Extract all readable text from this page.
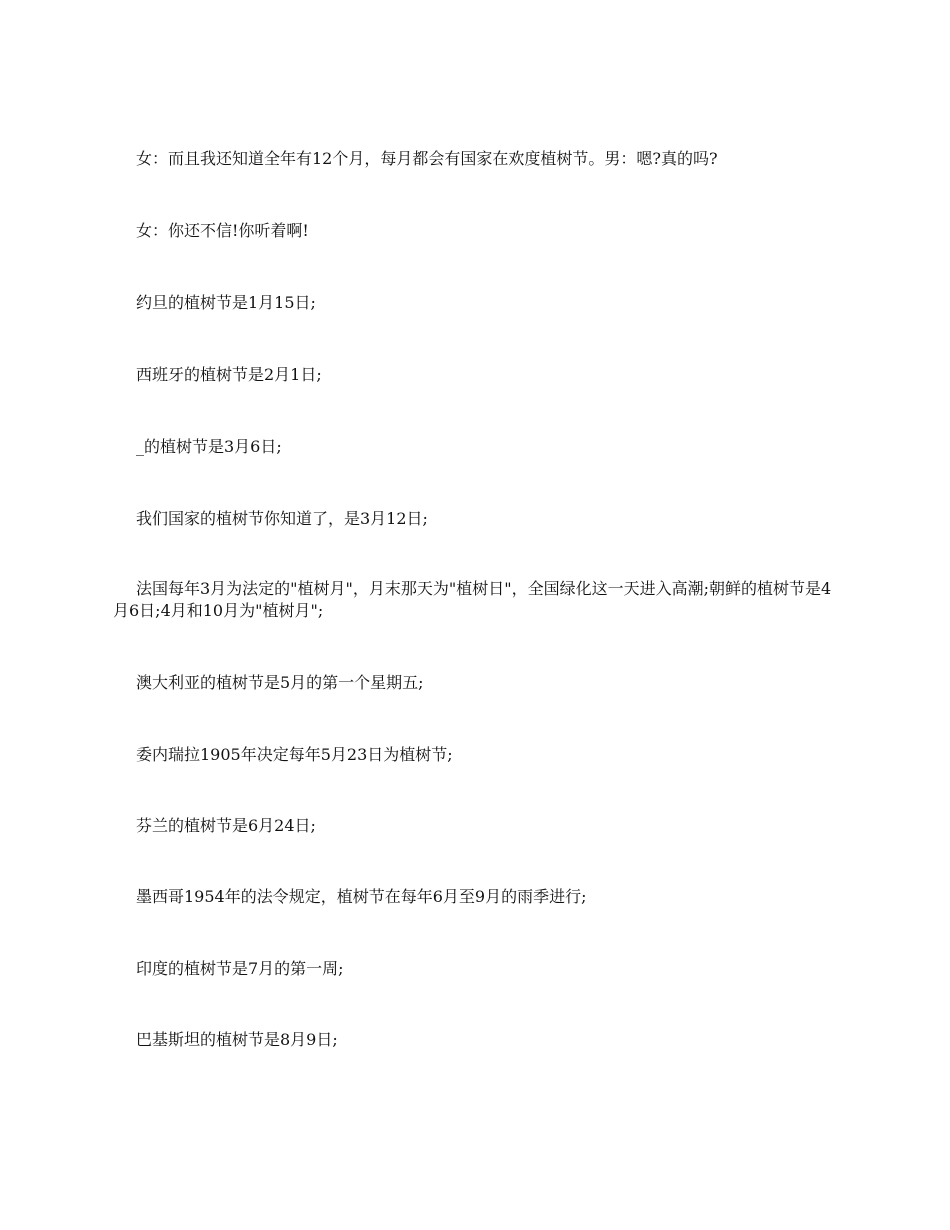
女：而且我还知道全年有12个月，每月都会有国家在欢度植树节。男：嗯?真的吗?

女：你还不信!你听着啊!

约旦的植树节是1月15日;

西班牙的植树节是2月1日;

_的植树节是3月6日;

我们国家的植树节你知道了，是3月12日;

法国每年3月为法定的"植树月"，月末那天为"植树日"，全国绿化这一天进入高潮;朝鲜的植树节是4月6日;4月和10月为"植树月";

澳大利亚的植树节是5月的第一个星期五;

委内瑞拉1905年决定每年5月23日为植树节;

芬兰的植树节是6月24日;

墨西哥1954年的法令规定，植树节在每年6月至9月的雨季进行;

印度的植树节是7月的第一周;

巴基斯坦的植树节是8月9日;
